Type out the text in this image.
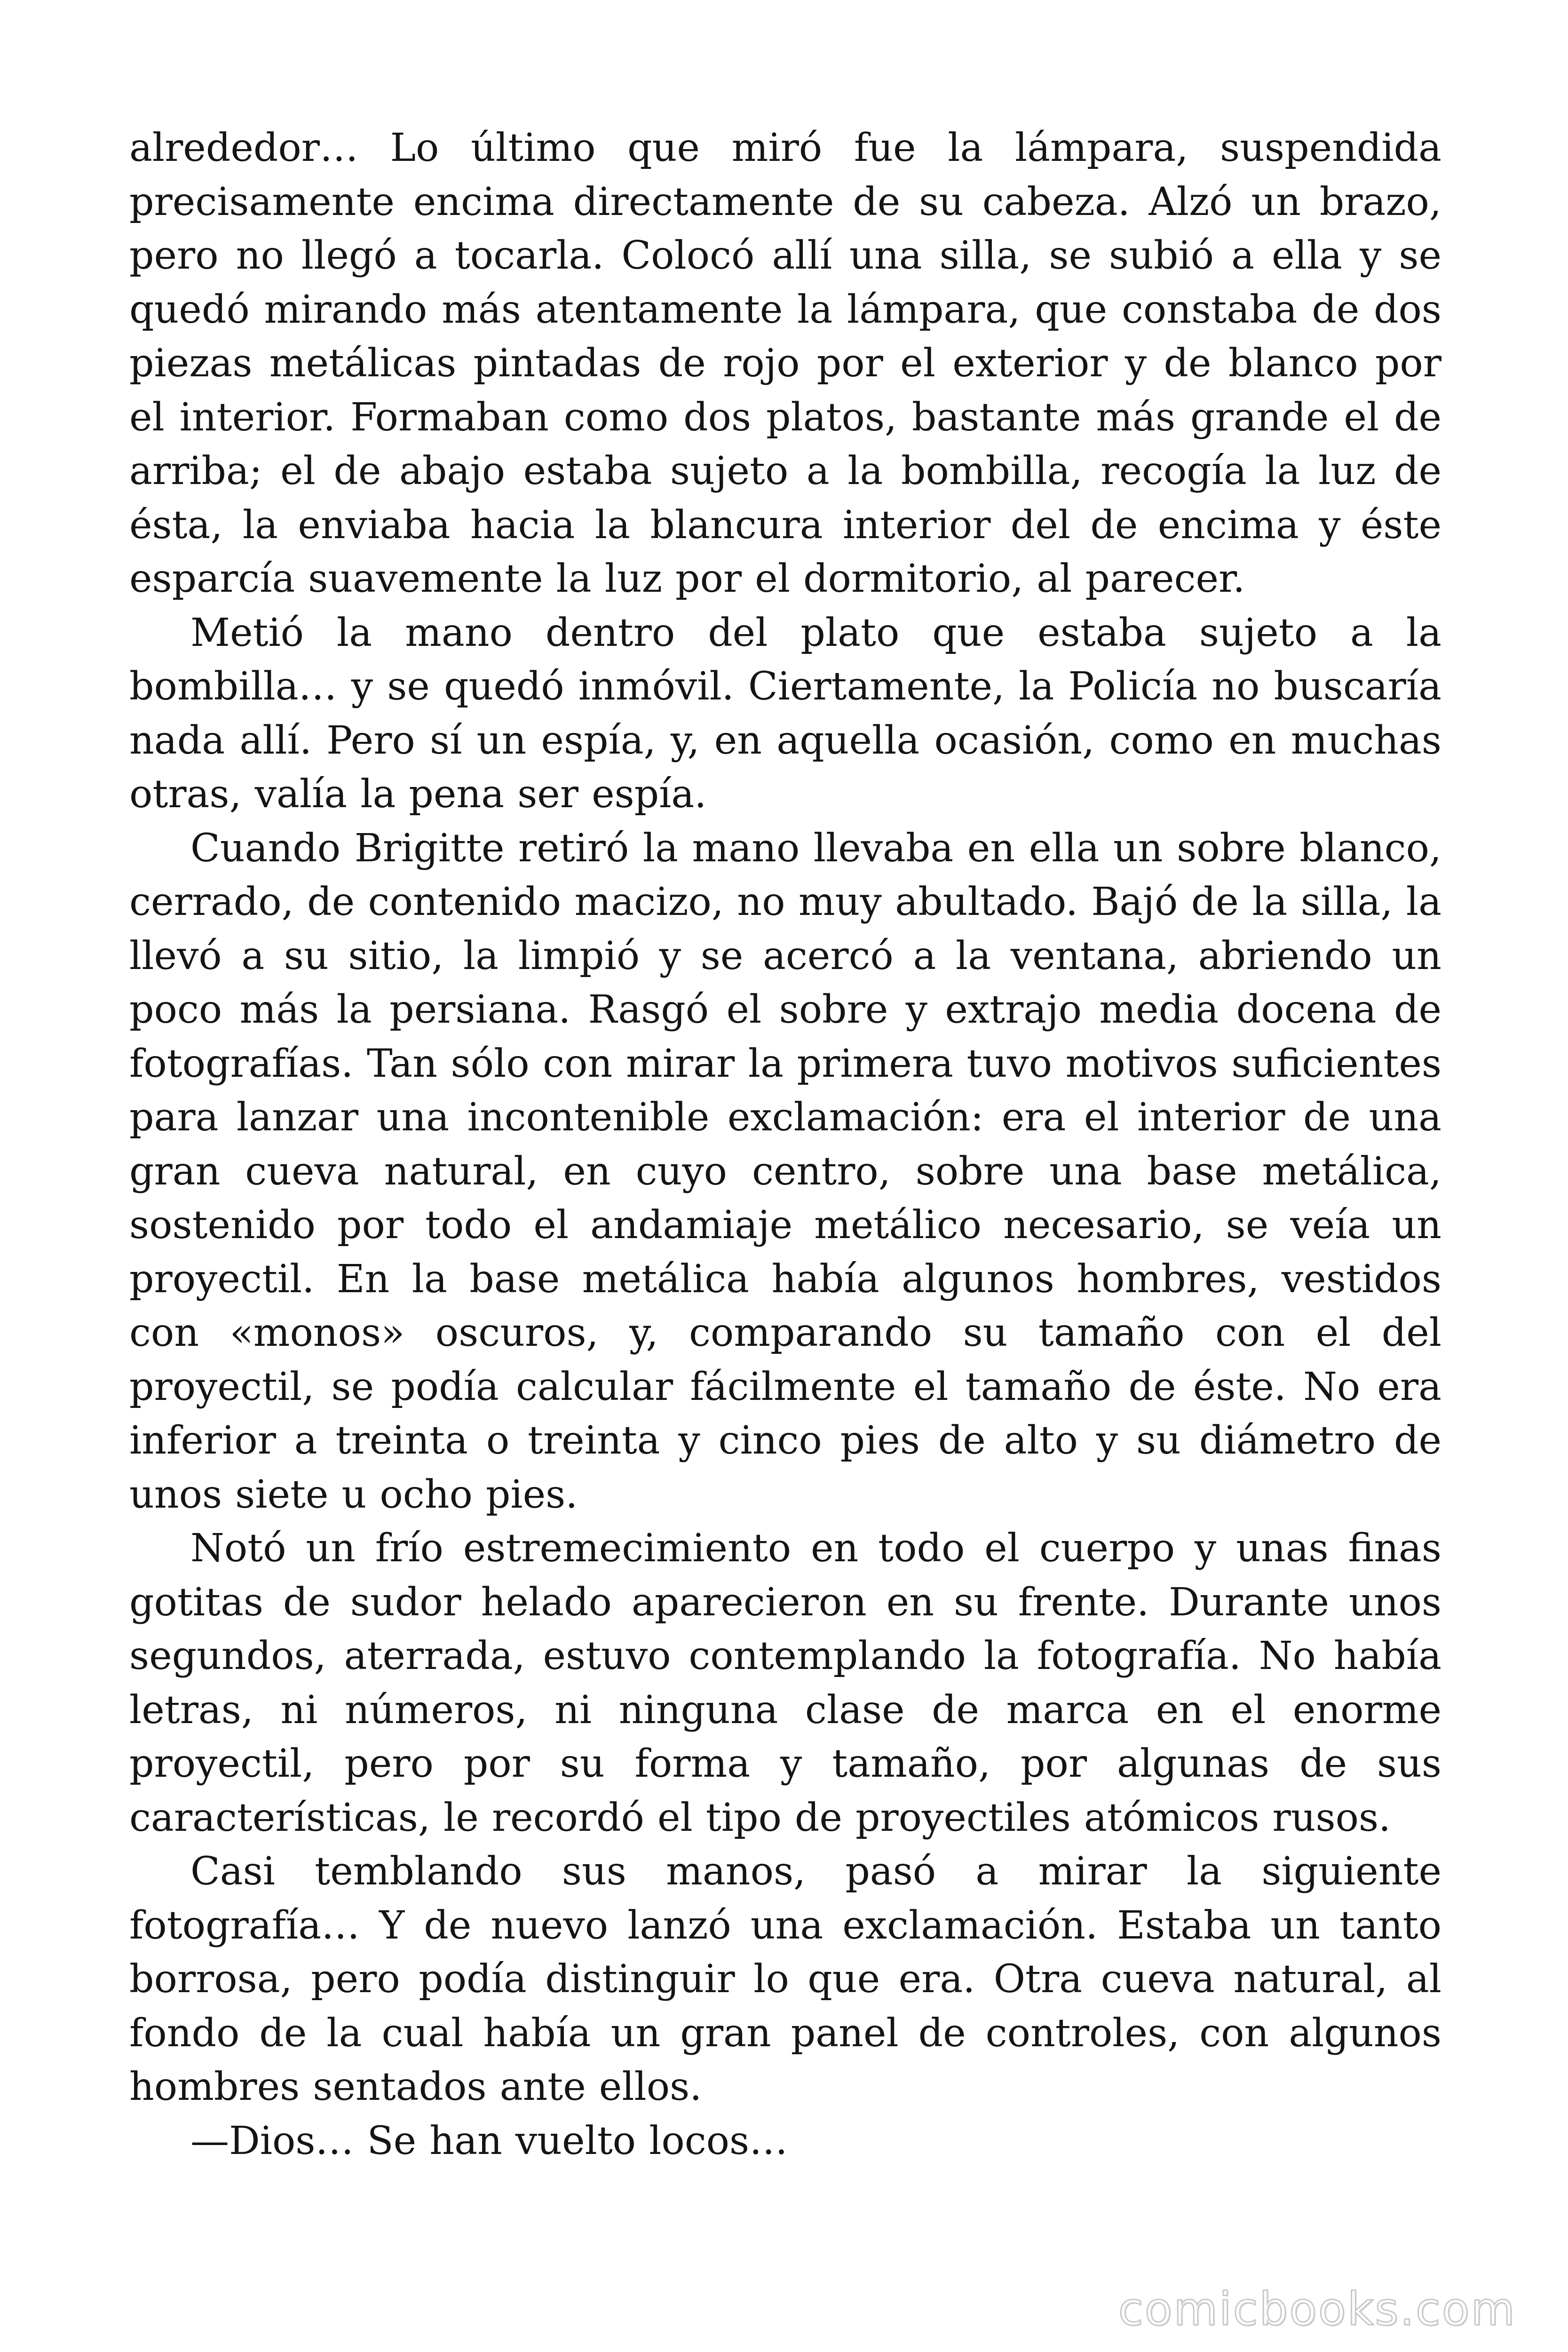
alrededor… Lo último que miró fue la lámpara, suspendida precisamente encima directamente de su cabeza. Alzó un brazo, pero no llegó a tocarla. Colocó allí una silla, se subió a ella y se quedó mirando más atentamente la lámpara, que constaba de dos piezas metálicas pintadas de rojo por el exterior y de blanco por el interior. Formaban como dos platos, bastante más grande el de arriba; el de abajo estaba sujeto a la bombilla, recogía la luz de ésta, la enviaba hacia la blancura interior del de encima y éste esparcía suavemente la luz por el dormitorio, al parecer.

Metió la mano dentro del plato que estaba sujeto a la bombilla… y se quedó inmóvil. Ciertamente, la Policía no buscaría nada allí. Pero sí un espía, y, en aquella ocasión, como en muchas otras, valía la pena ser espía.

Cuando Brigitte retiró la mano llevaba en ella un sobre blanco, cerrado, de contenido macizo, no muy abultado. Bajó de la silla, la llevó a su sitio, la limpió y se acercó a la ventana, abriendo un poco más la persiana. Rasgó el sobre y extrajo media docena de fotografías. Tan sólo con mirar la primera tuvo motivos suficientes para lanzar una incontenible exclamación: era el interior de una gran cueva natural, en cuyo centro, sobre una base metálica, sostenido por todo el andamiaje metálico necesario, se veía un proyectil. En la base metálica había algunos hombres, vestidos con «monos» oscuros, y, comparando su tamaño con el del proyectil, se podía calcular fácilmente el tamaño de éste. No era inferior a treinta o treinta y cinco pies de alto y su diámetro de unos siete u ocho pies.

Notó un frío estremecimiento en todo el cuerpo y unas finas gotitas de sudor helado aparecieron en su frente. Durante unos segundos, aterrada, estuvo contemplando la fotografía. No había letras, ni números, ni ninguna clase de marca en el enorme proyectil, pero por su forma y tamaño, por algunas de sus características, le recordó el tipo de proyectiles atómicos rusos.

Casi temblando sus manos, pasó a mirar la siguiente fotografía… Y de nuevo lanzó una exclamación. Estaba un tanto borrosa, pero podía distinguir lo que era. Otra cueva natural, al fondo de la cual había un gran panel de controles, con algunos hombres sentados ante ellos.

—Dios… Se han vuelto locos…

comicbooks.com
